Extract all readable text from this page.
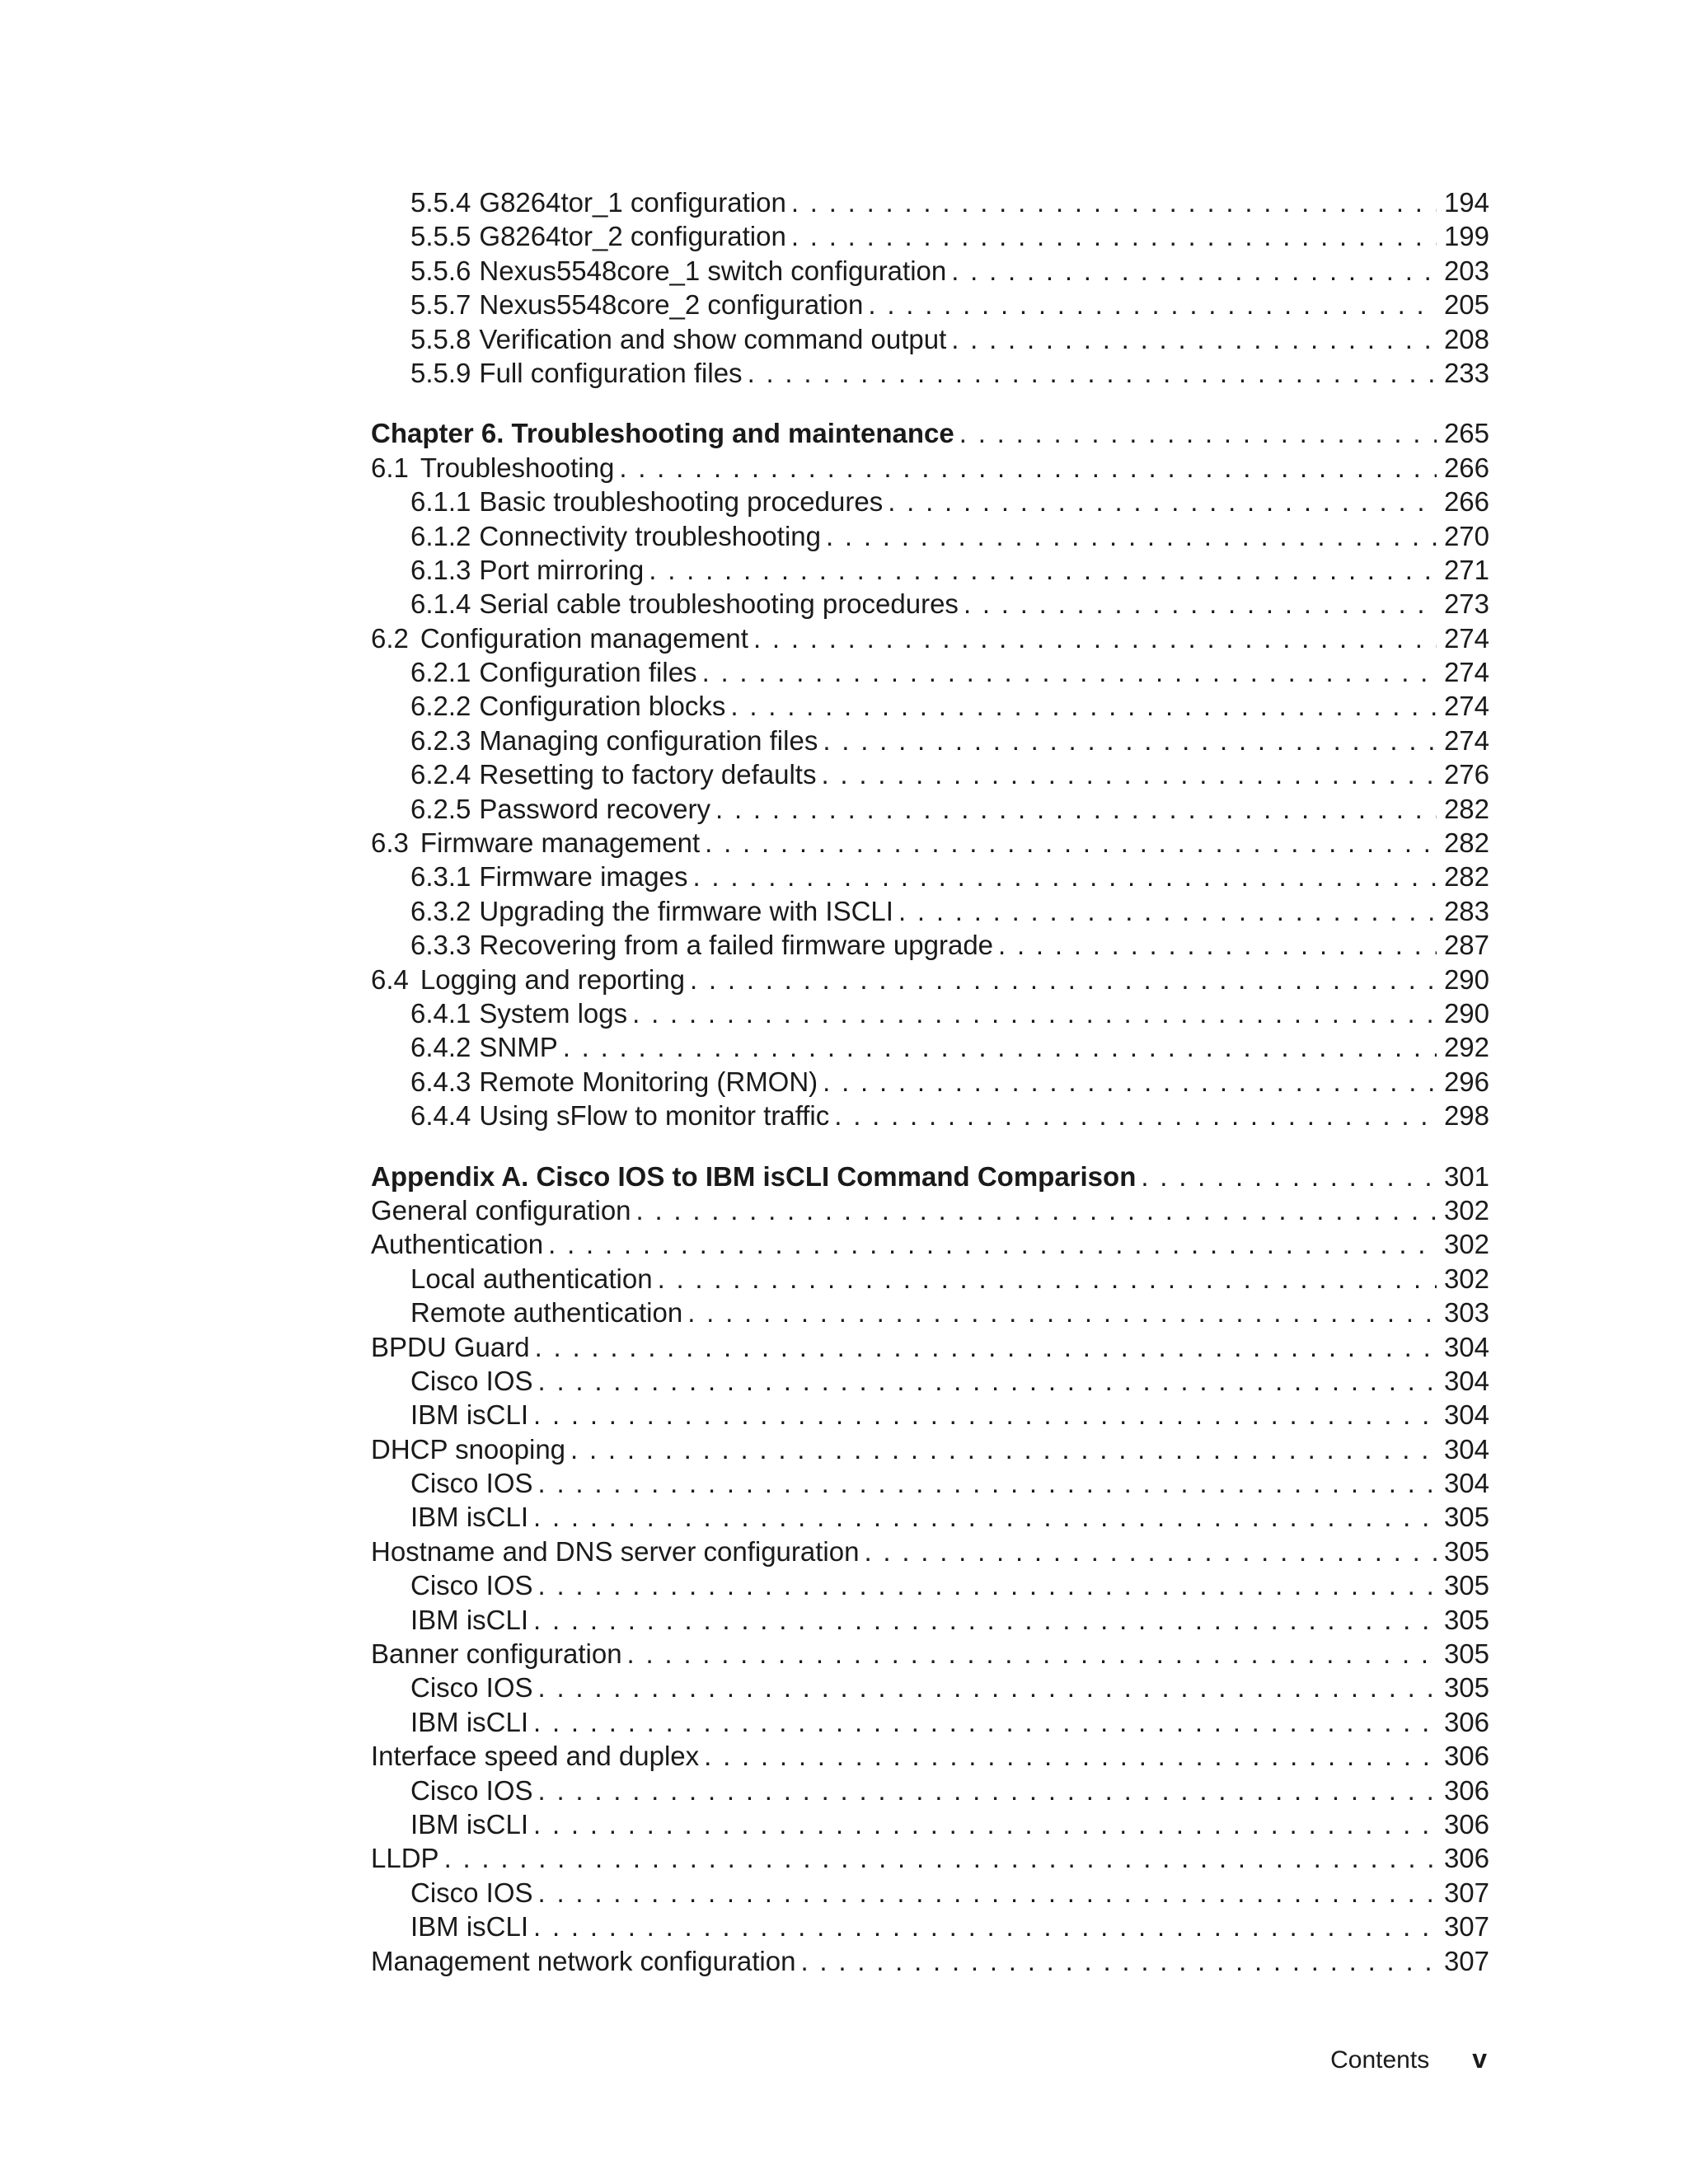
5.5.4 G8264tor_1 configuration . . .	194
5.5.5 G8264tor_2 configuration . . .	199
5.5.6 Nexus5548core_1 switch configuration . . .	203
5.5.7 Nexus5548core_2 configuration . . .	205
5.5.8 Verification and show command output . . .	208
5.5.9 Full configuration files . . .	233
Chapter 6. Troubleshooting and maintenance . . .	265
6.1 Troubleshooting . . .	266
6.1.1 Basic troubleshooting procedures . . .	266
6.1.2 Connectivity troubleshooting . . .	270
6.1.3 Port mirroring . . .	271
6.1.4 Serial cable troubleshooting procedures . . .	273
6.2 Configuration management . . .	274
6.2.1 Configuration files . . .	274
6.2.2 Configuration blocks . . .	274
6.2.3 Managing configuration files . . .	274
6.2.4 Resetting to factory defaults . . .	276
6.2.5 Password recovery . . .	282
6.3 Firmware management . . .	282
6.3.1 Firmware images . . .	282
6.3.2 Upgrading the firmware with ISCLI . . .	283
6.3.3 Recovering from a failed firmware upgrade . . .	287
6.4 Logging and reporting . . .	290
6.4.1 System logs . . .	290
6.4.2 SNMP . . .	292
6.4.3 Remote Monitoring (RMON) . . .	296
6.4.4 Using sFlow to monitor traffic . . .	298
Appendix A. Cisco IOS to IBM isCLI Command Comparison . . .	301
General configuration . . .	302
Authentication . . .	302
Local authentication . . .	302
Remote authentication . . .	303
BPDU Guard . . .	304
Cisco IOS . . .	304
IBM isCLI . . .	304
DHCP snooping . . .	304
Cisco IOS . . .	304
IBM isCLI . . .	305
Hostname and DNS server configuration . . .	305
Cisco IOS . . .	305
IBM isCLI . . .	305
Banner configuration . . .	305
Cisco IOS . . .	305
IBM isCLI . . .	306
Interface speed and duplex . . .	306
Cisco IOS . . .	306
IBM isCLI . . .	306
LLDP . . .	306
Cisco IOS . . .	307
IBM isCLI . . .	307
Management network configuration . . .	307
Contents v
